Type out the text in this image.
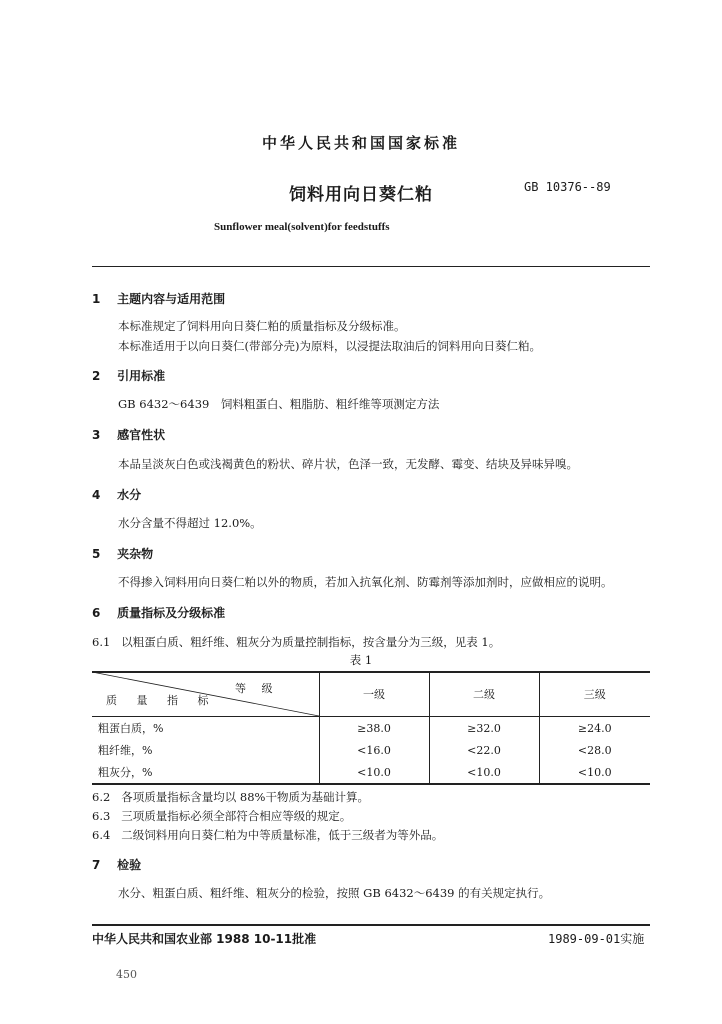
中华人民共和国国家标准
饲料用向日葵仁粕	GB 10376--89
Sunflower meal(solvent)for feedstuffs
1 主题内容与适用范围
本标准规定了饲料用向日葵仁粕的质量指标及分级标准。
本标准适用于以向日葵仁(带部分壳)为原料，以浸提法取油后的饲料用向日葵仁粕。
2 引用标准
GB 6432～6439　饲料粗蛋白、粗脂肪、粗纤维等项测定方法
3 感官性状
本品呈淡灰白色或浅褐黄色的粉状、碎片状，色泽一致，无发酵、霉变、结块及异味异嗅。
4 水分
水分含量不得超过 12.0%。
5 夹杂物
不得掺入饲料用向日葵仁粕以外的物质，若加入抗氧化剂、防霉剂等添加剂时，应做相应的说明。
6 质量指标及分级标准
6.1 以粗蛋白质、粗纤维、粗灰分为质量控制指标，按含量分为三级，见表 1。
表 1
等 级
质 量 指 标	一级	二级	三级
粗蛋白质，%	≥38.0	≥32.0	≥24.0
粗纤维，%	<16.0	<22.0	<28.0
粗灰分，%	<10.0	<10.0	<10.0
6.2 各项质量指标含量均以 88%干物质为基础计算。
6.3 三项质量指标必须全部符合相应等级的规定。
6.4 二级饲料用向日葵仁粕为中等质量标准，低于三级者为等外品。
7 检验
水分、粗蛋白质、粗纤维、粗灰分的检验，按照 GB 6432～6439 的有关规定执行。
中华人民共和国农业部 1988 10-11批准	1989-09-01实施
450
